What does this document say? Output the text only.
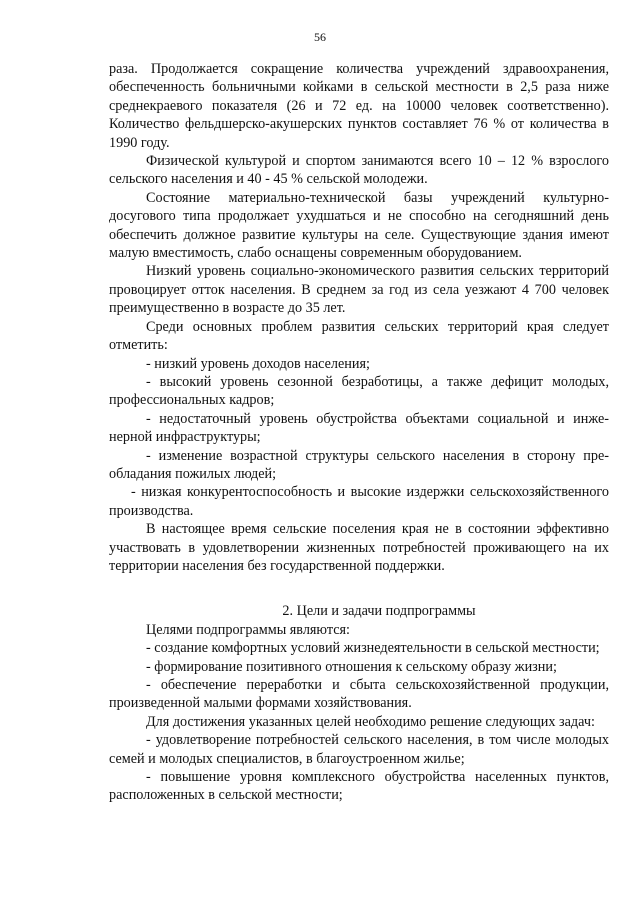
56

раза. Продолжается сокращение количества учреждений здравоохранения, обеспеченность больничными койками в сельской местности в 2,5 раза ниже среднекраевого показателя (26 и 72 ед. на 10000 человек соответственно). Количество фельдшерско-акушерских пунктов составляет 76 % от количества в 1990 году.

Физической культурой и спортом занимаются всего 10 – 12 % взрослого сельского населения и 40 - 45 % сельской молодежи.

Состояние материально-технической базы учреждений культурно-досугового типа продолжает ухудшаться и не способно на сегодняшний день обеспечить должное развитие культуры на селе. Существующие здания имеют малую вместимость, слабо оснащены современным оборудованием.

Низкий уровень социально-экономического развития сельских территорий провоцирует отток населения. В среднем за год из села уезжают 4 700 человек преимущественно в возрасте до 35 лет.

Среди основных проблем развития сельских территорий края следует отметить:

- низкий уровень доходов населения;

- высокий уровень сезонной безработицы, а также дефицит молодых, профессиональных кадров;

- недостаточный уровень обустройства объектами социальной и инженерной инфраструктуры;

- изменение возрастной структуры сельского населения в сторону преобладания пожилых людей;

- низкая конкурентоспособность и высокие издержки сельскохозяйственного производства.

В настоящее время сельские поселения края не в состоянии эффективно участвовать в удовлетворении жизненных потребностей проживающего на их территории населения без государственной поддержки.

2. Цели и задачи подпрограммы

Целями подпрограммы являются:

- создание комфортных условий жизнедеятельности в сельской местности;

- формирование позитивного отношения к сельскому образу жизни;

- обеспечение переработки и сбыта сельскохозяйственной продукции, произведенной малыми формами хозяйствования.

Для достижения указанных целей необходимо решение следующих задач:

- удовлетворение потребностей сельского населения, в том числе молодых семей и молодых специалистов, в благоустроенном жилье;

- повышение уровня комплексного обустройства населенных пунктов, расположенных в сельской местности;
